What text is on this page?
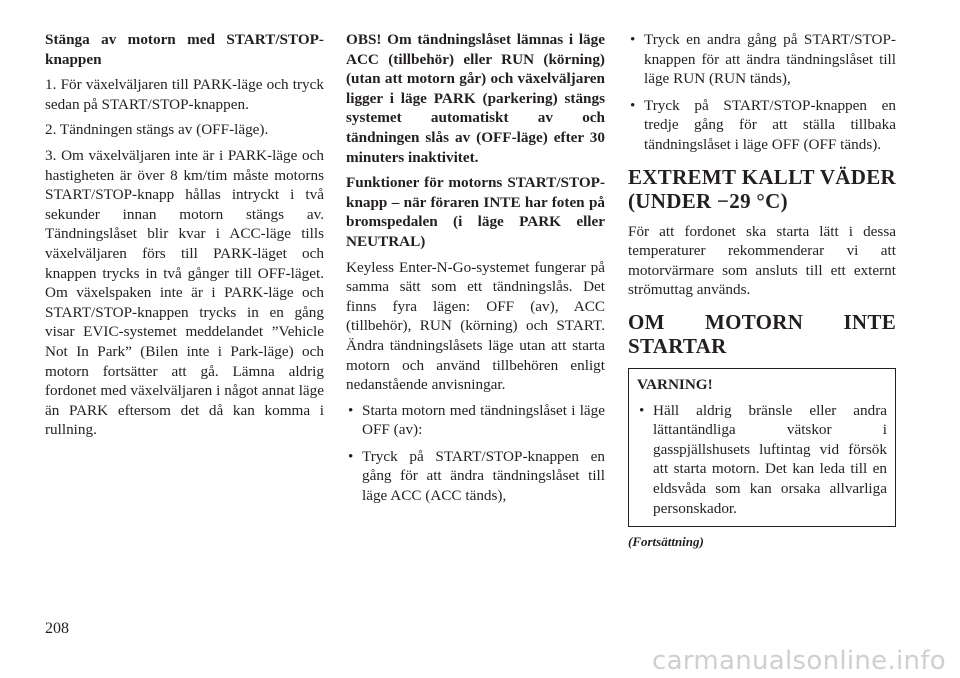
Stänga av motorn med START/STOP-knappen

1. För växelväljaren till PARK-läge och tryck sedan på START/STOP-knappen.

2. Tändningen stängs av (OFF-läge).

3. Om växelväljaren inte är i PARK-läge och hastigheten är över 8 km/tim måste motorns START/STOP-knapp hållas intryckt i två sekunder innan motorn stängs av. Tändningslåset blir kvar i ACC-läge tills växelväljaren förs till PARK-läget och knappen trycks in två gånger till OFF-läget. Om växelspaken inte är i PARK-läge och START/STOP-knappen trycks in en gång visar EVIC-systemet meddelandet ”Vehicle Not In Park” (Bilen inte i Park-läge) och motorn fortsätter att gå. Lämna aldrig fordonet med växelväljaren i något annat läge än PARK eftersom det då kan komma i rullning.

OBS! Om tändningslåset lämnas i läge ACC (tillbehör) eller RUN (körning) (utan att motorn går) och växelväljaren ligger i läge PARK (parkering) stängs systemet automatiskt av och tändningen slås av (OFF-läge) efter 30 minuters inaktivitet.

Funktioner för motorns START/STOP-knapp – när föraren INTE har foten på bromspedalen (i läge PARK eller NEUTRAL)

Keyless Enter-N-Go-systemet fungerar på samma sätt som ett tändningslås. Det finns fyra lägen: OFF (av), ACC (tillbehör), RUN (körning) och START. Ändra tändningslåsets läge utan att starta motorn och använd tillbehören enligt nedanstående anvisningar.

• Starta motorn med tändningslåset i läge OFF (av):
• Tryck på START/STOP-knappen en gång för att ändra tändningslåset till läge ACC (ACC tänds),
• Tryck en andra gång på START/STOP-knappen för att ändra tändningslåset till läge RUN (RUN tänds),
• Tryck på START/STOP-knappen en tredje gång för att ställa tillbaka tändningslåset i läge OFF (OFF tänds).
EXTREMT KALLT VÄDER (UNDER −29 °C)

För att fordonet ska starta lätt i dessa temperaturer rekommenderar vi att motorvärmare som ansluts till ett externt strömuttag används.

OM MOTORN INTE STARTAR
VARNING!
• Häll aldrig bränsle eller andra lättantändliga vätskor i gasspjällshusets luftintag vid försök att starta motorn. Det kan leda till en eldsvåda som kan orsaka allvarliga personskador.
(Fortsättning)
208
carmanualsonline.info
